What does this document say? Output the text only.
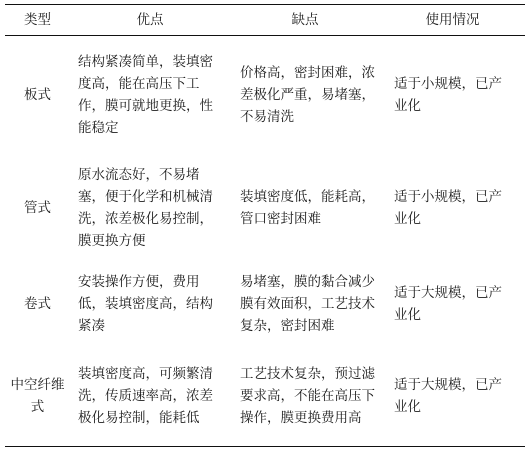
类型	优点	缺点	使用情况
板式	结构紧凑简单，装填密度高，能在高压下工作，膜可就地更换，性能稳定	价格高，密封困难，浓差极化严重，易堵塞，不易清洗	适于小规模，已产业化
管式	原水流态好，不易堵塞，便于化学和机械清洗，浓差极化易控制，膜更换方便	装填密度低，能耗高，管口密封困难	适于小规模，已产业化
卷式	安装操作方便，费用低，装填密度高，结构紧凑	易堵塞，膜的黏合减少膜有效面积，工艺技术复杂，密封困难	适于大规模，已产业化
中空纤维式	装填密度高，可频繁清洗，传质速率高，浓差极化易控制，能耗低	工艺技术复杂，预过滤要求高，不能在高压下操作，膜更换费用高	适于大规模，已产业化
